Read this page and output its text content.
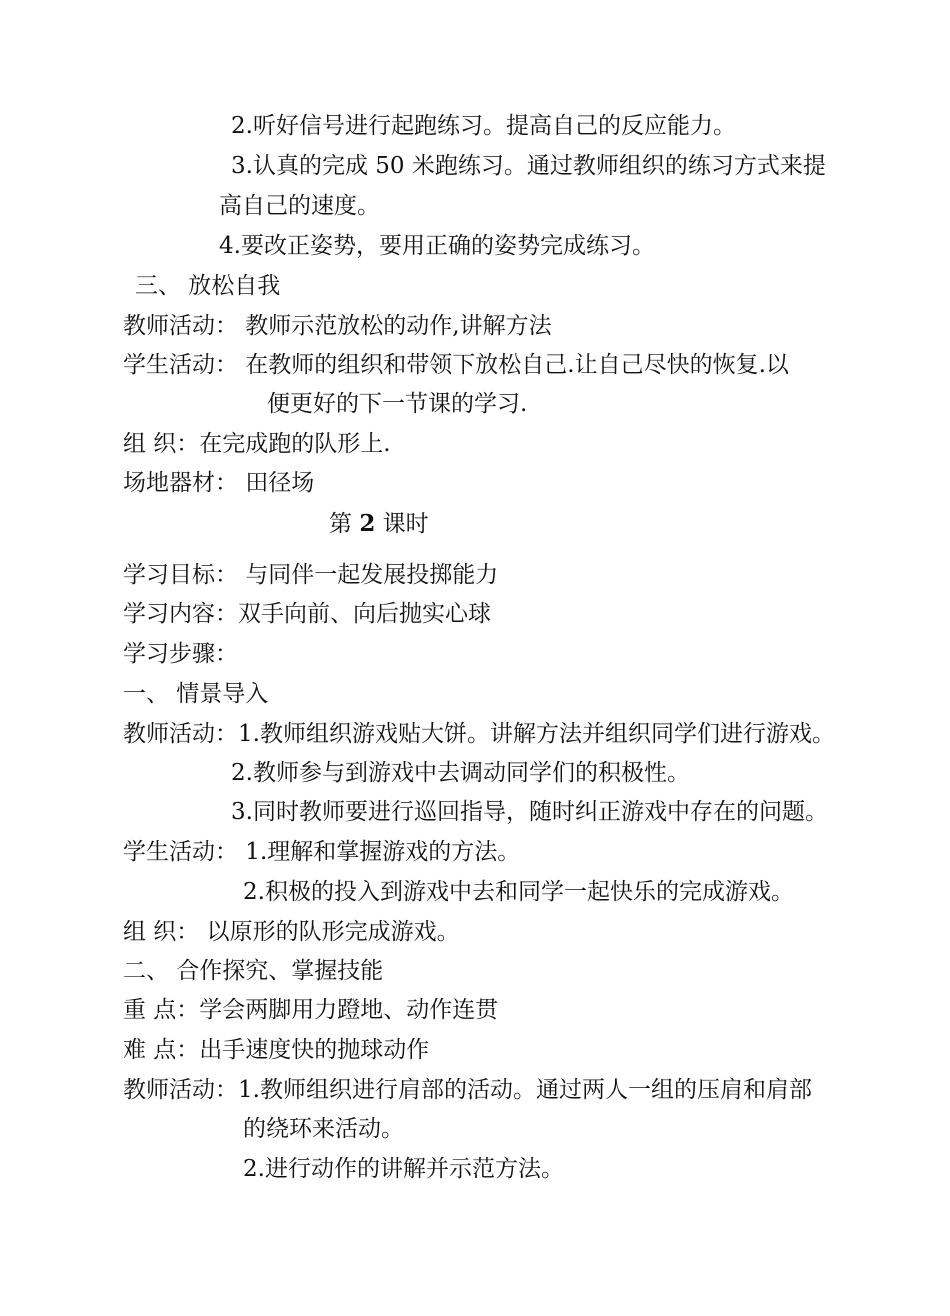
2.听好信号进行起跑练习。提高自己的反应能力。
3.认真的完成 50 米跑练习。通过教师组织的练习方式来提
高自己的速度。
4.要改正姿势，要用正确的姿势完成练习。
三、 放松自我
教师活动： 教师示范放松的动作,讲解方法
学生活动： 在教师的组织和带领下放松自己.让自己尽快的恢复.以
便更好的下一节课的学习.
组 织：在完成跑的队形上.
场地器材： 田径场
第 2 课时
学习目标： 与同伴一起发展投掷能力
学习内容：双手向前、向后抛实心球
学习步骤：
一、 情景导入
教师活动：1.教师组织游戏贴大饼。讲解方法并组织同学们进行游戏。
2.教师参与到游戏中去调动同学们的积极性。
3.同时教师要进行巡回指导，随时纠正游戏中存在的问题。
学生活动： 1.理解和掌握游戏的方法。
2.积极的投入到游戏中去和同学一起快乐的完成游戏。
组 织： 以原形的队形完成游戏。
二、 合作探究、掌握技能
重 点：学会两脚用力蹬地、动作连贯
难 点：出手速度快的抛球动作
教师活动：1.教师组织进行肩部的活动。通过两人一组的压肩和肩部
的绕环来活动。
2.进行动作的讲解并示范方法。
